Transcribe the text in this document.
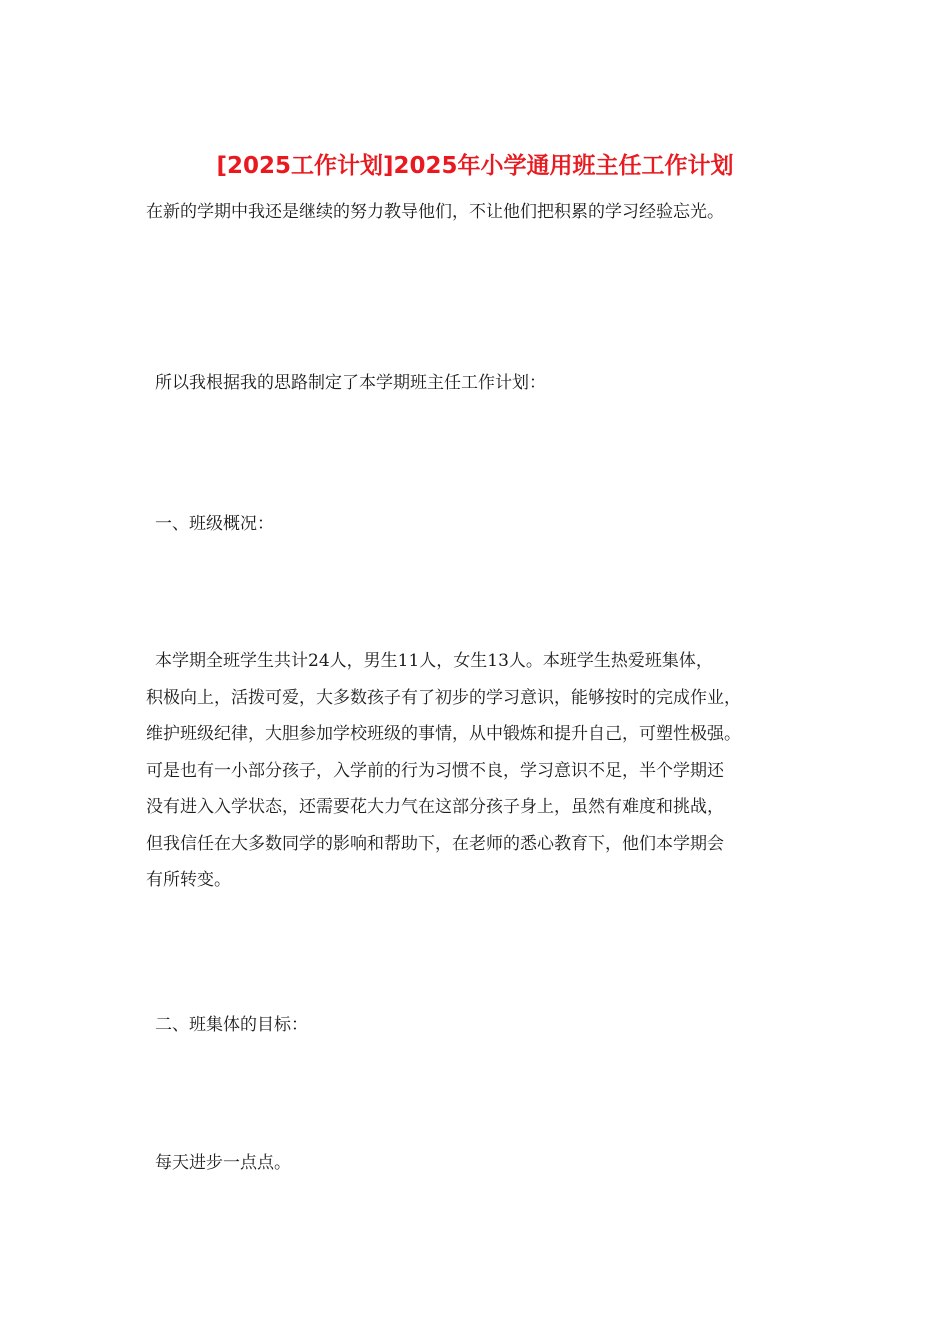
[2025工作计划]2025年小学通用班主任工作计划
在新的学期中我还是继续的努力教导他们，不让他们把积累的学习经验忘光。
所以我根据我的思路制定了本学期班主任工作计划：
一、班级概况：
本学期全班学生共计24人，男生11人，女生13人。本班学生热爱班集体，
积极向上，活拨可爱，大多数孩子有了初步的学习意识，能够按时的完成作业，
维护班级纪律，大胆参加学校班级的事情，从中锻炼和提升自己，可塑性极强。
可是也有一小部分孩子，入学前的行为习惯不良，学习意识不足，半个学期还
没有进入入学状态，还需要花大力气在这部分孩子身上，虽然有难度和挑战，
但我信任在大多数同学的影响和帮助下，在老师的悉心教育下，他们本学期会
有所转变。
二、班集体的目标：
每天进步一点点。
